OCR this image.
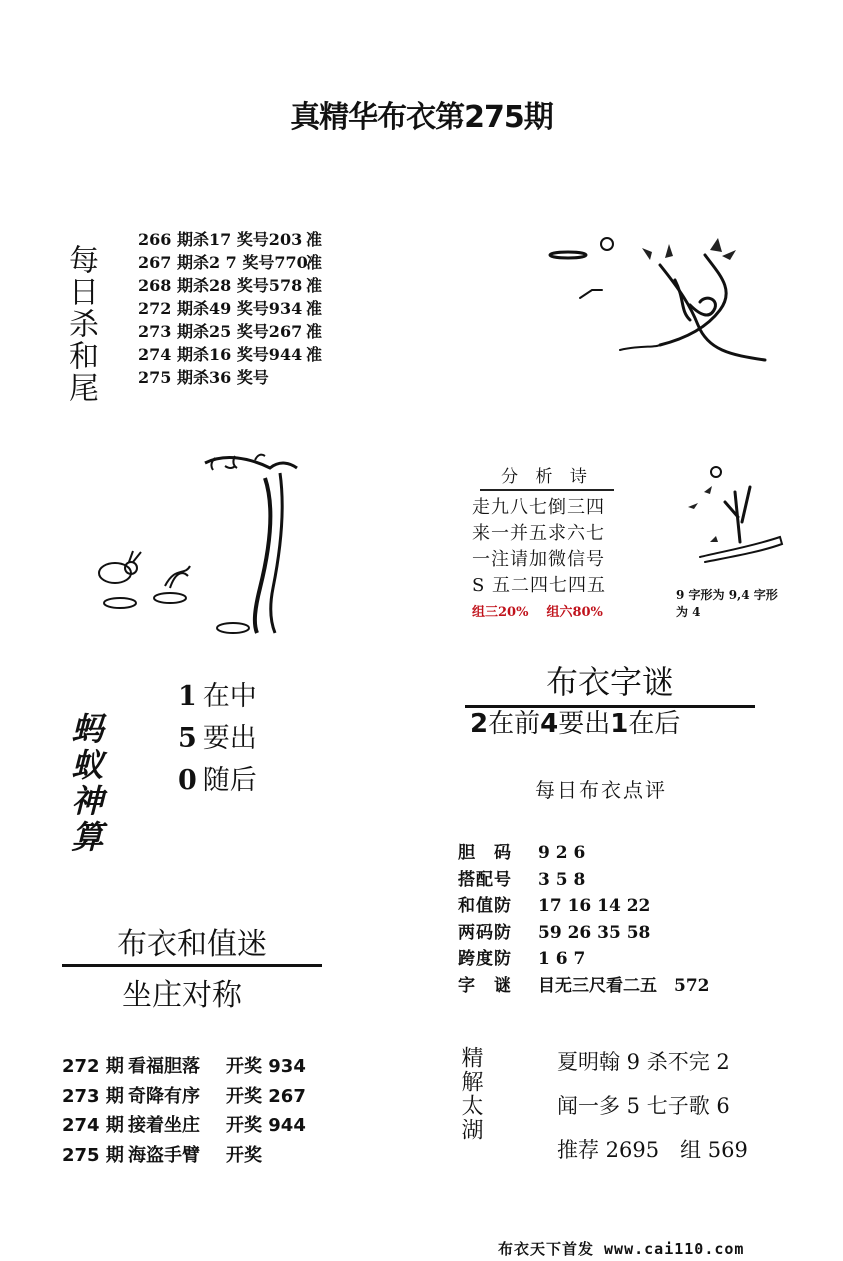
真精华布衣第275期
每日杀和尾
266 期杀17 奖号203 准
267 期杀2 7 奖号770
准
268 期杀28 奖号578 准
272 期杀49 奖号934 准
273 期杀25 奖号267 准
274 期杀16 奖号944 准
275 期杀36 奖号
分 析 诗
走九八七倒三四
来一并五求六七
一注请加微信号
S 五二四七四五
组三20% 组六80%
9 字形为 9,4 字形为 4
蚂蚁神算
1 在中
5 要出
0 随后
布衣字谜
2在前4要出1在后
每日布衣点评
胆　码 9 2 6
搭配号 3 5 8
和值防 17 16 14 22
两码防 59 26 35 58
跨度防 1 6 7
字　谜 目无三尺看二五　572
布衣和值迷
坐庄对称
272 期 看福胆落 开奖 934
273 期 奇降有序 开奖 267
274 期 接着坐庄 开奖 944
275 期 海盗手臂 开奖
精解太湖	夏明翰 9 杀不完 2
闻一多 5 七子歌 6
推荐 2695　组 569
布衣天下首发 www.cai110.com
